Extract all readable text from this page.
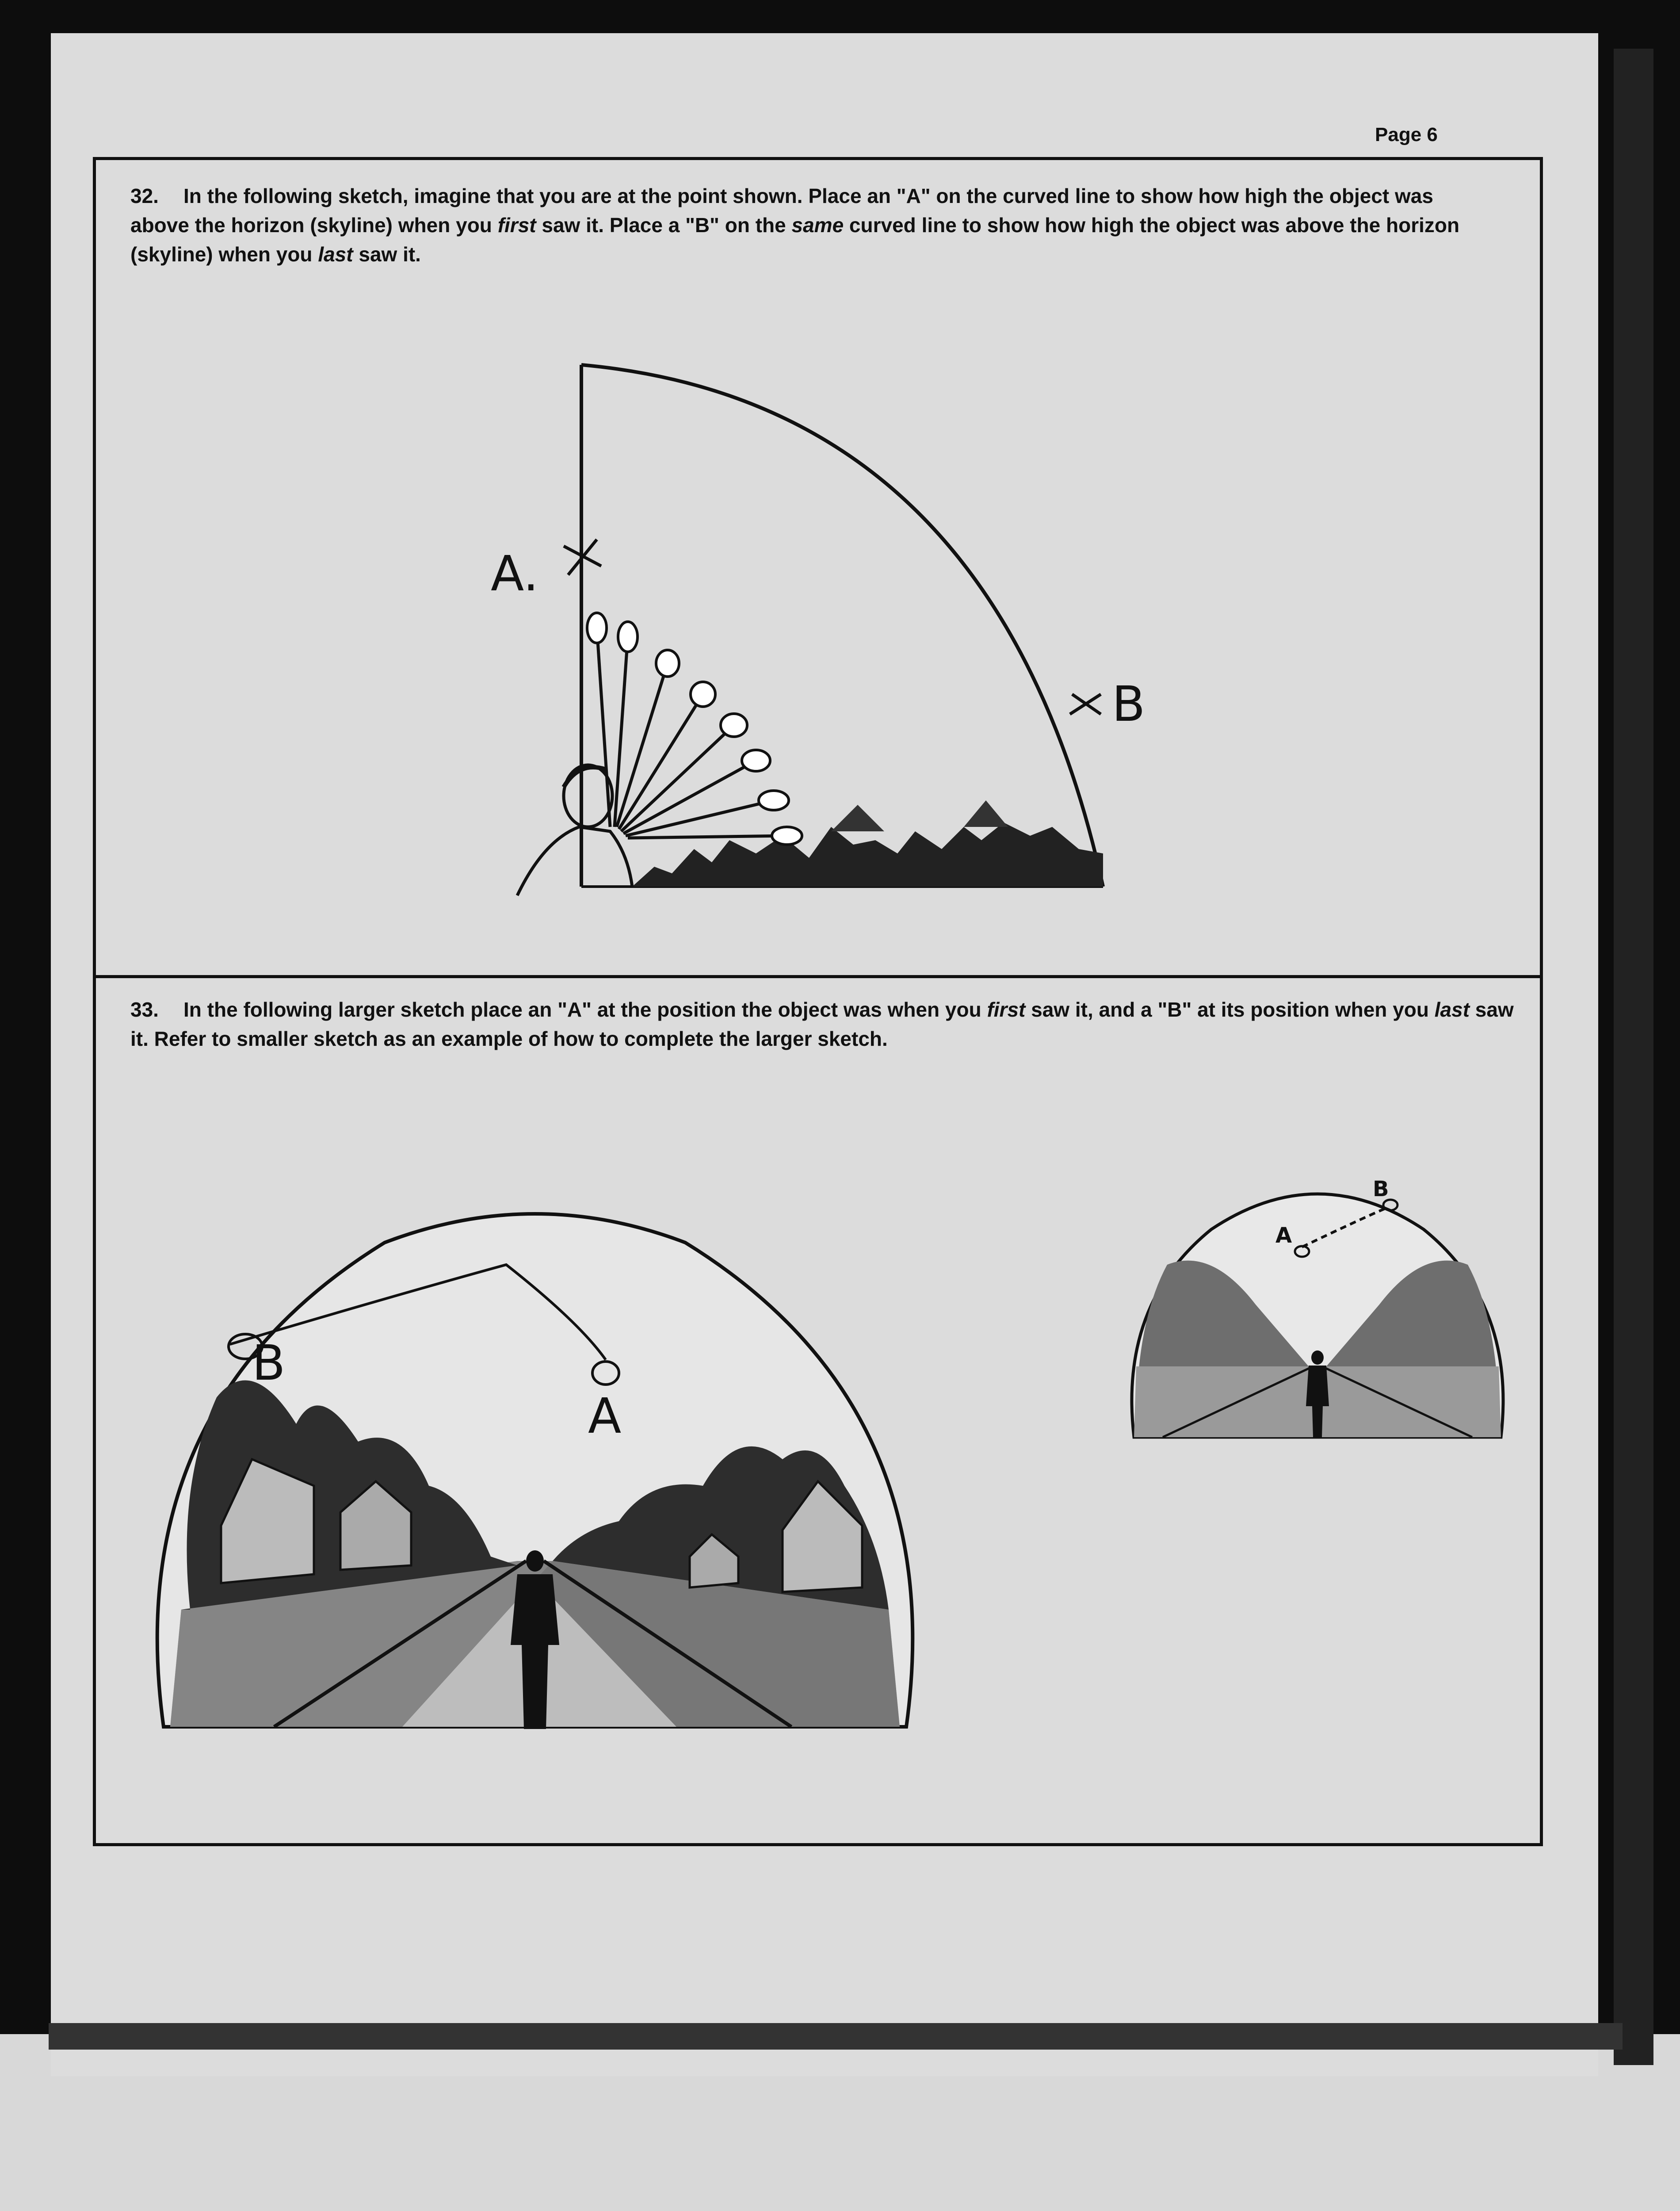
Page 6
32. In the following sketch, imagine that you are at the point shown. Place an "A" on the curved line to show how high the object was above the horizon (skyline) when you first saw it. Place a "B" on the same curved line to show how high the object was above the horizon (skyline) when you last saw it.
A.
B
33. In the following larger sketch place an "A" at the position the object was when you first saw it, and a "B" at its position when you last saw it. Refer to smaller sketch as an example of how to complete the larger sketch.
B
A
A
B
